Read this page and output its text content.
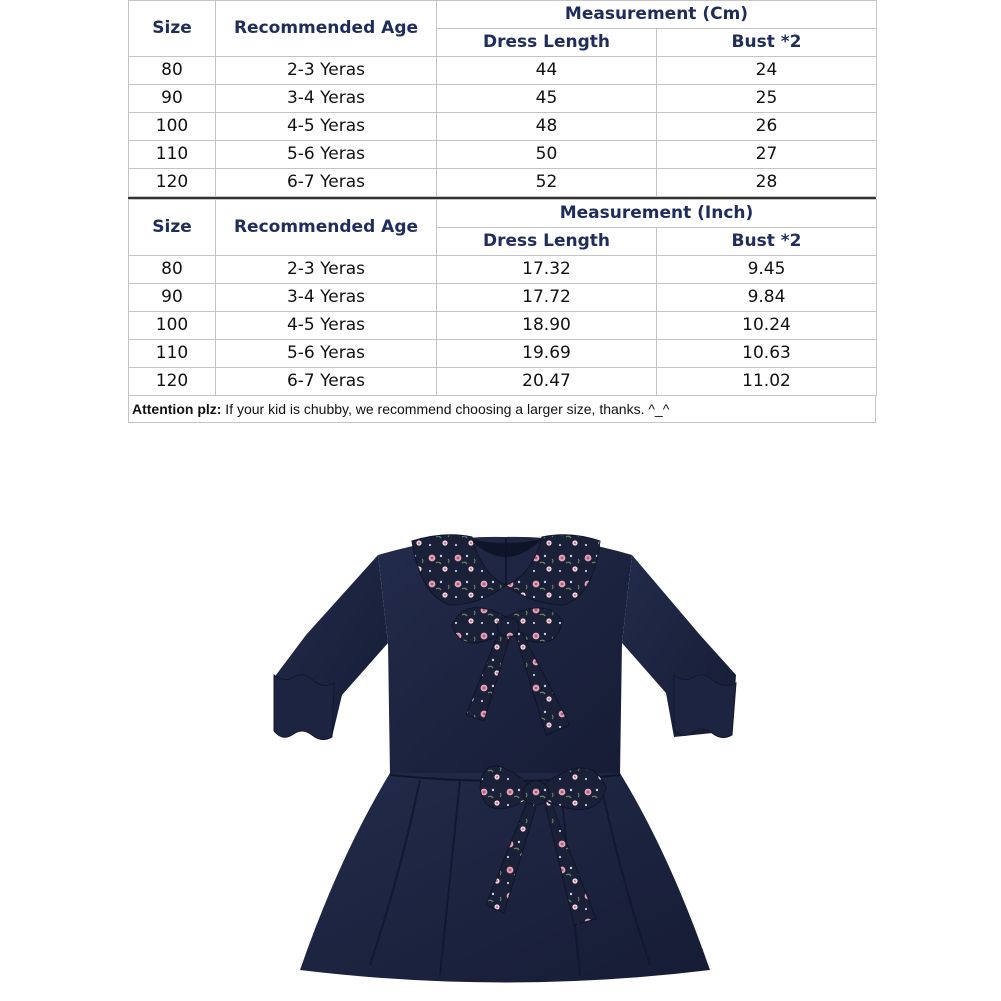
Size	Recommended Age	Measurement (Cm)	
		Dress Length	Bust *2
80	2-3 Yeras	44	24
90	3-4 Yeras	45	25
100	4-5 Yeras	48	26
110	5-6 Yeras	50	27
120	6-7 Yeras	52	28
Size	Recommended Age	Measurement (Inch)	
		Dress Length	Bust *2
80	2-3 Yeras	17.32	9.45
90	3-4 Yeras	17.72	9.84
100	4-5 Yeras	18.90	10.24
110	5-6 Yeras	19.69	10.63
120	6-7 Yeras	20.47	11.02
Attention plz: If your kid is chubby, we recommend choosing a larger size, thanks. ^_^
